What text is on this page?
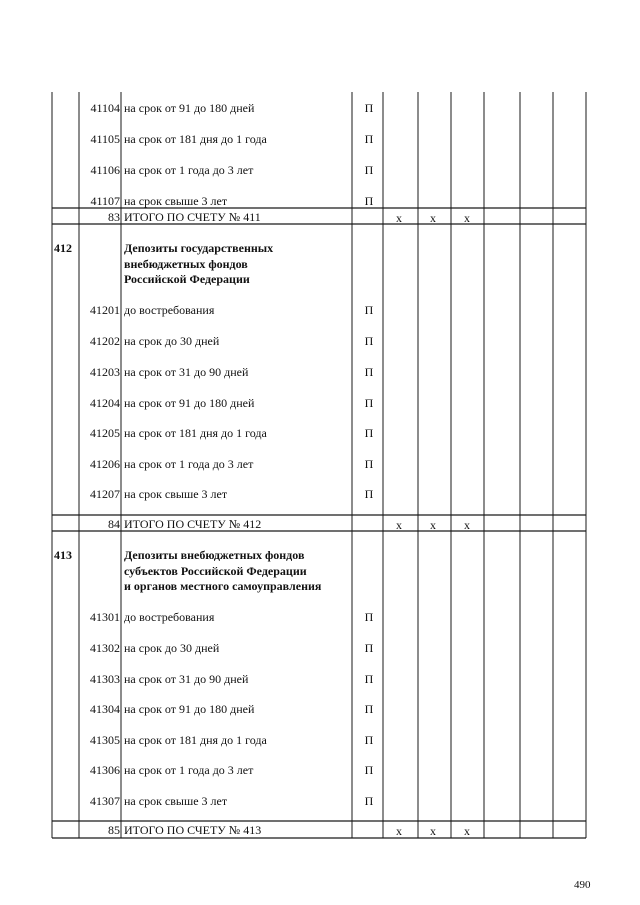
41104 на срок от 91 до 180 дней	П
41105 на срок от 181 дня до 1 года	П
41106 на срок от 1 года до 3 лет	П
41107 на срок свыше 3 лет	П
83 ИТОГО ПО СЧЕТУ № 411	x x x
412	Депозиты государственных
внебюджетных фондов
Российской Федерации
41201 до востребования	П
41202 на срок до 30 дней	П
41203 на срок от 31 до 90 дней	П
41204 на срок от 91 до 180 дней	П
41205 на срок от 181 дня до 1 года	П
41206 на срок от 1 года до 3 лет	П
41207 на срок свыше 3 лет	П
84 ИТОГО ПО СЧЕТУ № 412	x x x
413	Депозиты внебюджетных фондов
субъектов Российской Федерации
и органов местного самоуправления
41301 до востребования	П
41302 на срок до 30 дней	П
41303 на срок от 31 до 90 дней	П
41304 на срок от 91 до 180 дней	П
41305 на срок от 181 дня до 1 года	П
41306 на срок от 1 года до 3 лет	П
41307 на срок свыше 3 лет	П
85 ИТОГО ПО СЧЕТУ № 413	x x x
490
